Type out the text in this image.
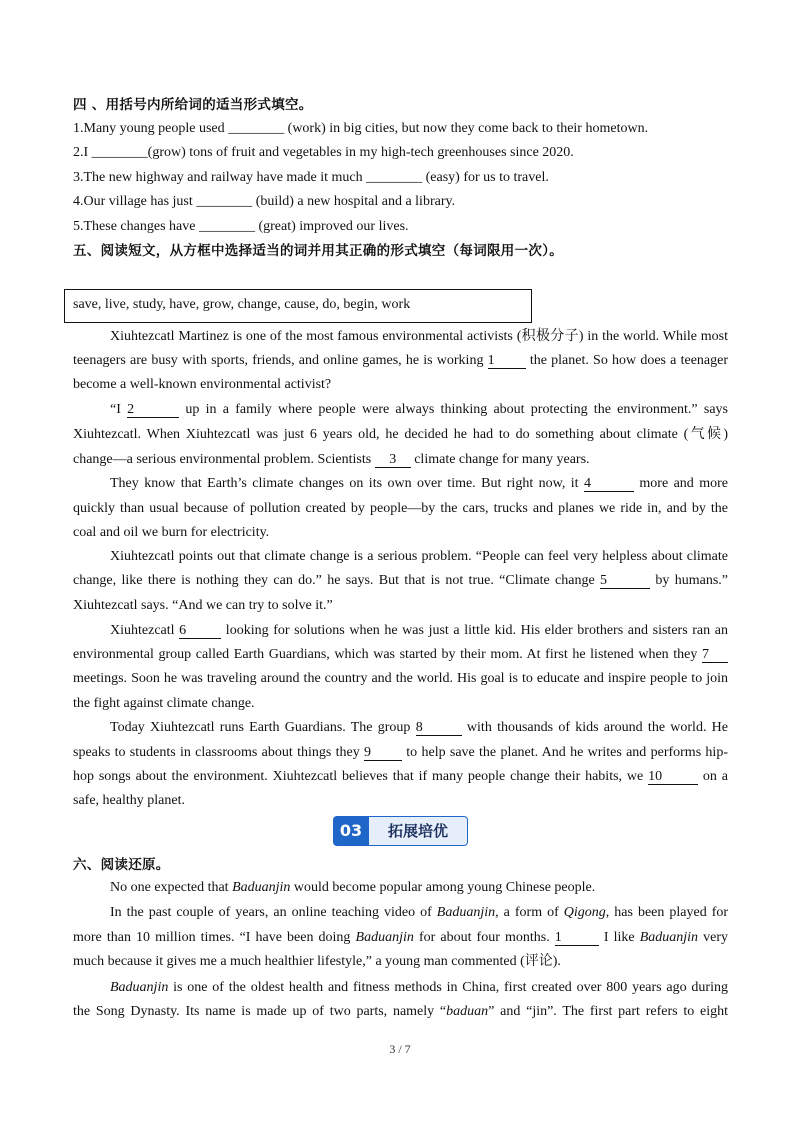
四 、用括号内所给词的适当形式填空。
1.Many young people used ________ (work) in big cities, but now they come back to their hometown.
2.I ________(grow) tons of fruit and vegetables in my high-tech greenhouses since 2020.
3.The new highway and railway have made it much ________ (easy) for us to travel.
4.Our village has just ________ (build) a new hospital and a library.
5.These changes have ________ (great) improved our lives.
五、阅读短文，从方框中选择适当的词并用其正确的形式填空（每词限用一次）。
save, live, study, have, grow, change, cause, do, begin, work
Xiuhtezcatl Martinez is one of the most famous environmental activists (积极分子) in the world. While most
teenagers are busy with sports, friends, and online games, he is working 1 the planet. So how does a teenager
become a well-known environmental activist?
“I 2	up in a family where people were always thinking about protecting the environment.” says
Xiuhtezcatl. When Xiuhtezcatl was just 6 years old, he decided he had to do something about climate (气候)
change—a serious environmental problem. Scientists 3 climate change for many years.
They know that Earth’s climate changes on its own over time. But right now, it 4	more and more
quickly than usual because of pollution created by people—by the cars, trucks and planes we ride in, and by the
coal and oil we burn for electricity.
Xiuhtezcatl points out that climate change is a serious problem. “People can feel very helpless about climate
change, like there is nothing they can do.” he says. But that is not true. “Climate change 5	by humans.”
Xiuhtezcatl says. “And we can try to solve it.”
Xiuhtezcatl 6	looking for solutions when he was just a little kid. His elder brothers and sisters ran an
environmental group called Earth Guardians, which was started by their mom. At first he listened when they 7
meetings. Soon he was traveling around the country and the world. His goal is to educate and inspire people to join
the fight against climate change.
Today Xiuhtezcatl runs Earth Guardians. The group 8	with thousands of kids around the world. He
speaks to students in classrooms about things they 9 to help save the planet. And he writes and performs hip-
hop songs about the environment. Xiuhtezcatl believes that if many people change their habits, we 10	on a
safe, healthy planet.
03	拓展培优
六、阅读还原。
No one expected that Baduanjin would become popular among young Chinese people.
In the past couple of years, an online teaching video of Baduanjin, a form of Qigong, has been played for
more than 10 million times. “I have been doing Baduanjin for about four months. 1	I like Baduanjin very
much because it gives me a much healthier lifestyle,” a young man commented (评论).
Baduanjin is one of the oldest health and fitness methods in China, first created over 800 years ago during
the Song Dynasty. Its name is made up of two parts, namely “baduan” and “jin”. The first part refers to eight
3 / 7
